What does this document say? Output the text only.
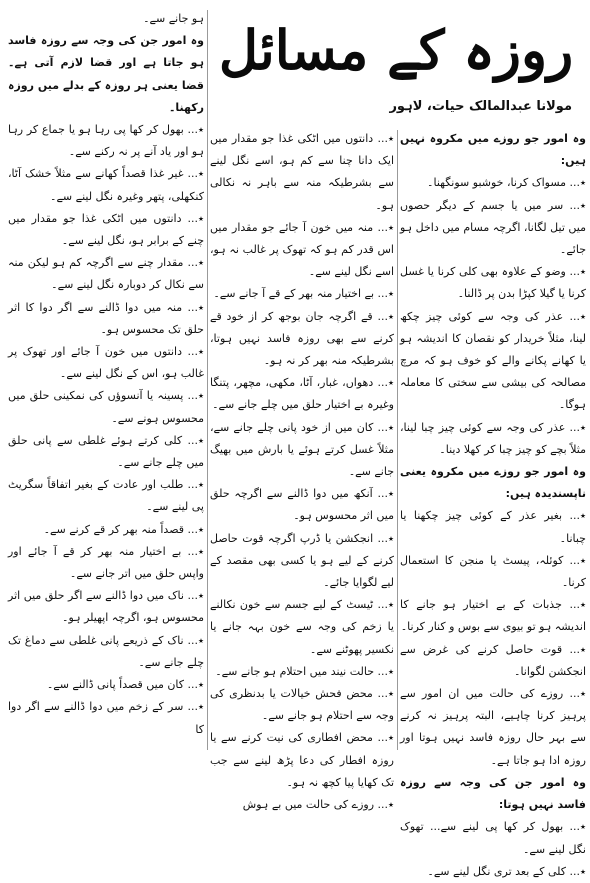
روزہ کے مسائل
مولانا عبدالمالک حیات، لاہور

وہ امور جو روزے میں مکروہ نہیں ہیں:

٭... مسواک کرنا، خوشبو سونگھنا۔

٭... سر میں یا جسم کے دیگر حصوں میں تیل لگانا، اگرچہ مسام میں داخل ہو جائے۔

٭... وضو کے علاوہ بھی کلی کرنا یا غسل کرنا یا گیلا کپڑا بدن پر ڈالنا۔

٭... عذر کی وجہ سے کوئی چیز چکھ لینا، مثلاً خریدار کو نقصان کا اندیشہ ہو یا کھانے پکانے والے کو خوف ہو کہ مرچ مصالحہ کی بیشی سے سختی کا معاملہ ہوگا۔

٭... عذر کی وجہ سے کوئی چیز چبا لینا، مثلاً بچے کو چیز چبا کر کھلا دینا۔

وہ امور جو روزے میں مکروہ یعنی ناپسندیدہ ہیں:

٭... بغیر عذر کے کوئی چیز چکھنا یا چبانا۔

٭... کوئلہ، پیسٹ یا منجن کا استعمال کرنا۔

٭... جذبات کے بے اختیار ہو جانے کا اندیشہ ہو تو بیوی سے بوس و کنار کرنا۔

٭... قوت حاصل کرنے کی غرض سے انجکشن لگوانا۔

٭... روزے کی حالت میں ان امور سے پرہیز کرنا چاہیے، البتہ پرہیز نہ کرنے سے بہر حال روزہ فاسد نہیں ہوتا اور روزہ ادا ہو جاتا ہے۔

وہ امور جن کی وجہ سے روزہ فاسد نہیں ہوتا:

٭... بھول کر کھا پی لینے سے... تھوک نگل لینے سے۔

٭... کلی کے بعد تری نگل لینے سے۔

٭... دانتوں میں اٹکی غذا جو مقدار میں ایک دانا چنا سے کم ہو، اسے نگل لینے سے بشرطیکہ منہ سے باہر نہ نکالی ہو۔

٭... منہ میں خون آ جائے جو مقدار میں اس قدر کم ہو کہ تھوک پر غالب نہ ہو، اسے نگل لینے سے۔

٭... بے اختیار منہ بھر کے قے آ جانے سے۔

٭... قے اگرچہ جان بوجھ کر از خود قے کرنے سے بھی روزہ فاسد نہیں ہوتا، بشرطیکہ منہ بھر کر نہ ہو۔

٭... دھواں، غبار، آٹا، مکھی، مچھر، پتنگا وغیرہ بے اختیار حلق میں چلے جانے سے۔

٭... کان میں از خود پانی چلے جانے سے، مثلاً غسل کرتے ہوئے یا بارش میں بھیگ جانے سے۔

٭... آنکھ میں دوا ڈالنے سے اگرچہ حلق میں اثر محسوس ہو۔

٭... انجکشن یا ڈرپ اگرچہ قوت حاصل کرنے کے لیے ہو یا کسی بھی مقصد کے لیے لگوایا جائے۔

٭... ٹیسٹ کے لیے جسم سے خون نکالنے یا زخم کی وجہ سے خون بہہ جانے یا نکسیر پھوٹنے سے۔

٭... حالت نیند میں احتلام ہو جانے سے۔

٭... محض فحش خیالات یا بدنظری کی وجہ سے احتلام ہو جانے سے۔

٭... محض افطاری کی نیت کرنے سے یا روزہ افطار کی دعا پڑھ لینے سے جب تک کھایا پیا کچھ نہ ہو۔

٭... روزے کی حالت میں بے ہوش

ہو جانے سے۔

وہ امور جن کی وجہ سے روزہ فاسد ہو جاتا ہے اور قضا لازم آتی ہے۔ قضا یعنی ہر روزہ کے بدلے میں روزہ رکھنا۔

٭... بھول کر کھا پی رہا ہو یا جماع کر رہا ہو اور یاد آنے پر نہ رکنے سے۔

٭... غیر غذا قصداً کھانے سے مثلاً خشک آٹا، کنکھلی، پتھر وغیرہ نگل لینے سے۔

٭... دانتوں میں اٹکی غذا جو مقدار میں چنے کے برابر ہو، نگل لینے سے۔

٭... مقدار چنے سے اگرچہ کم ہو لیکن منہ سے نکال کر دوبارہ نگل لینے سے۔

٭... منہ میں دوا ڈالنے سے اگر دوا کا اثر حلق تک محسوس ہو۔

٭... دانتوں میں خون آ جائے اور تھوک پر غالب ہو، اس کے نگل لینے سے۔

٭... پسینہ یا آنسوؤں کی نمکینی حلق میں محسوس ہونے سے۔

٭... کلی کرتے ہوئے غلطی سے پانی حلق میں چلے جانے سے۔

٭... طلب اور عادت کے بغیر اتفاقاً سگریٹ پی لینے سے۔

٭... قصداً منہ بھر کر قے کرنے سے۔

٭... بے اختیار منہ بھر کر قے آ جائے اور واپس حلق میں اتر جانے سے۔

٭... ناک میں دوا ڈالنے سے اگر حلق میں اثر محسوس ہو، اگرچہ اپھیلر ہو۔

٭... ناک کے ذریعے پانی غلطی سے دماغ تک چلے جانے سے۔

٭... کان میں قصداً پانی ڈالنے سے۔

٭... سر کے زخم میں دوا ڈالنے سے اگر دوا کا
